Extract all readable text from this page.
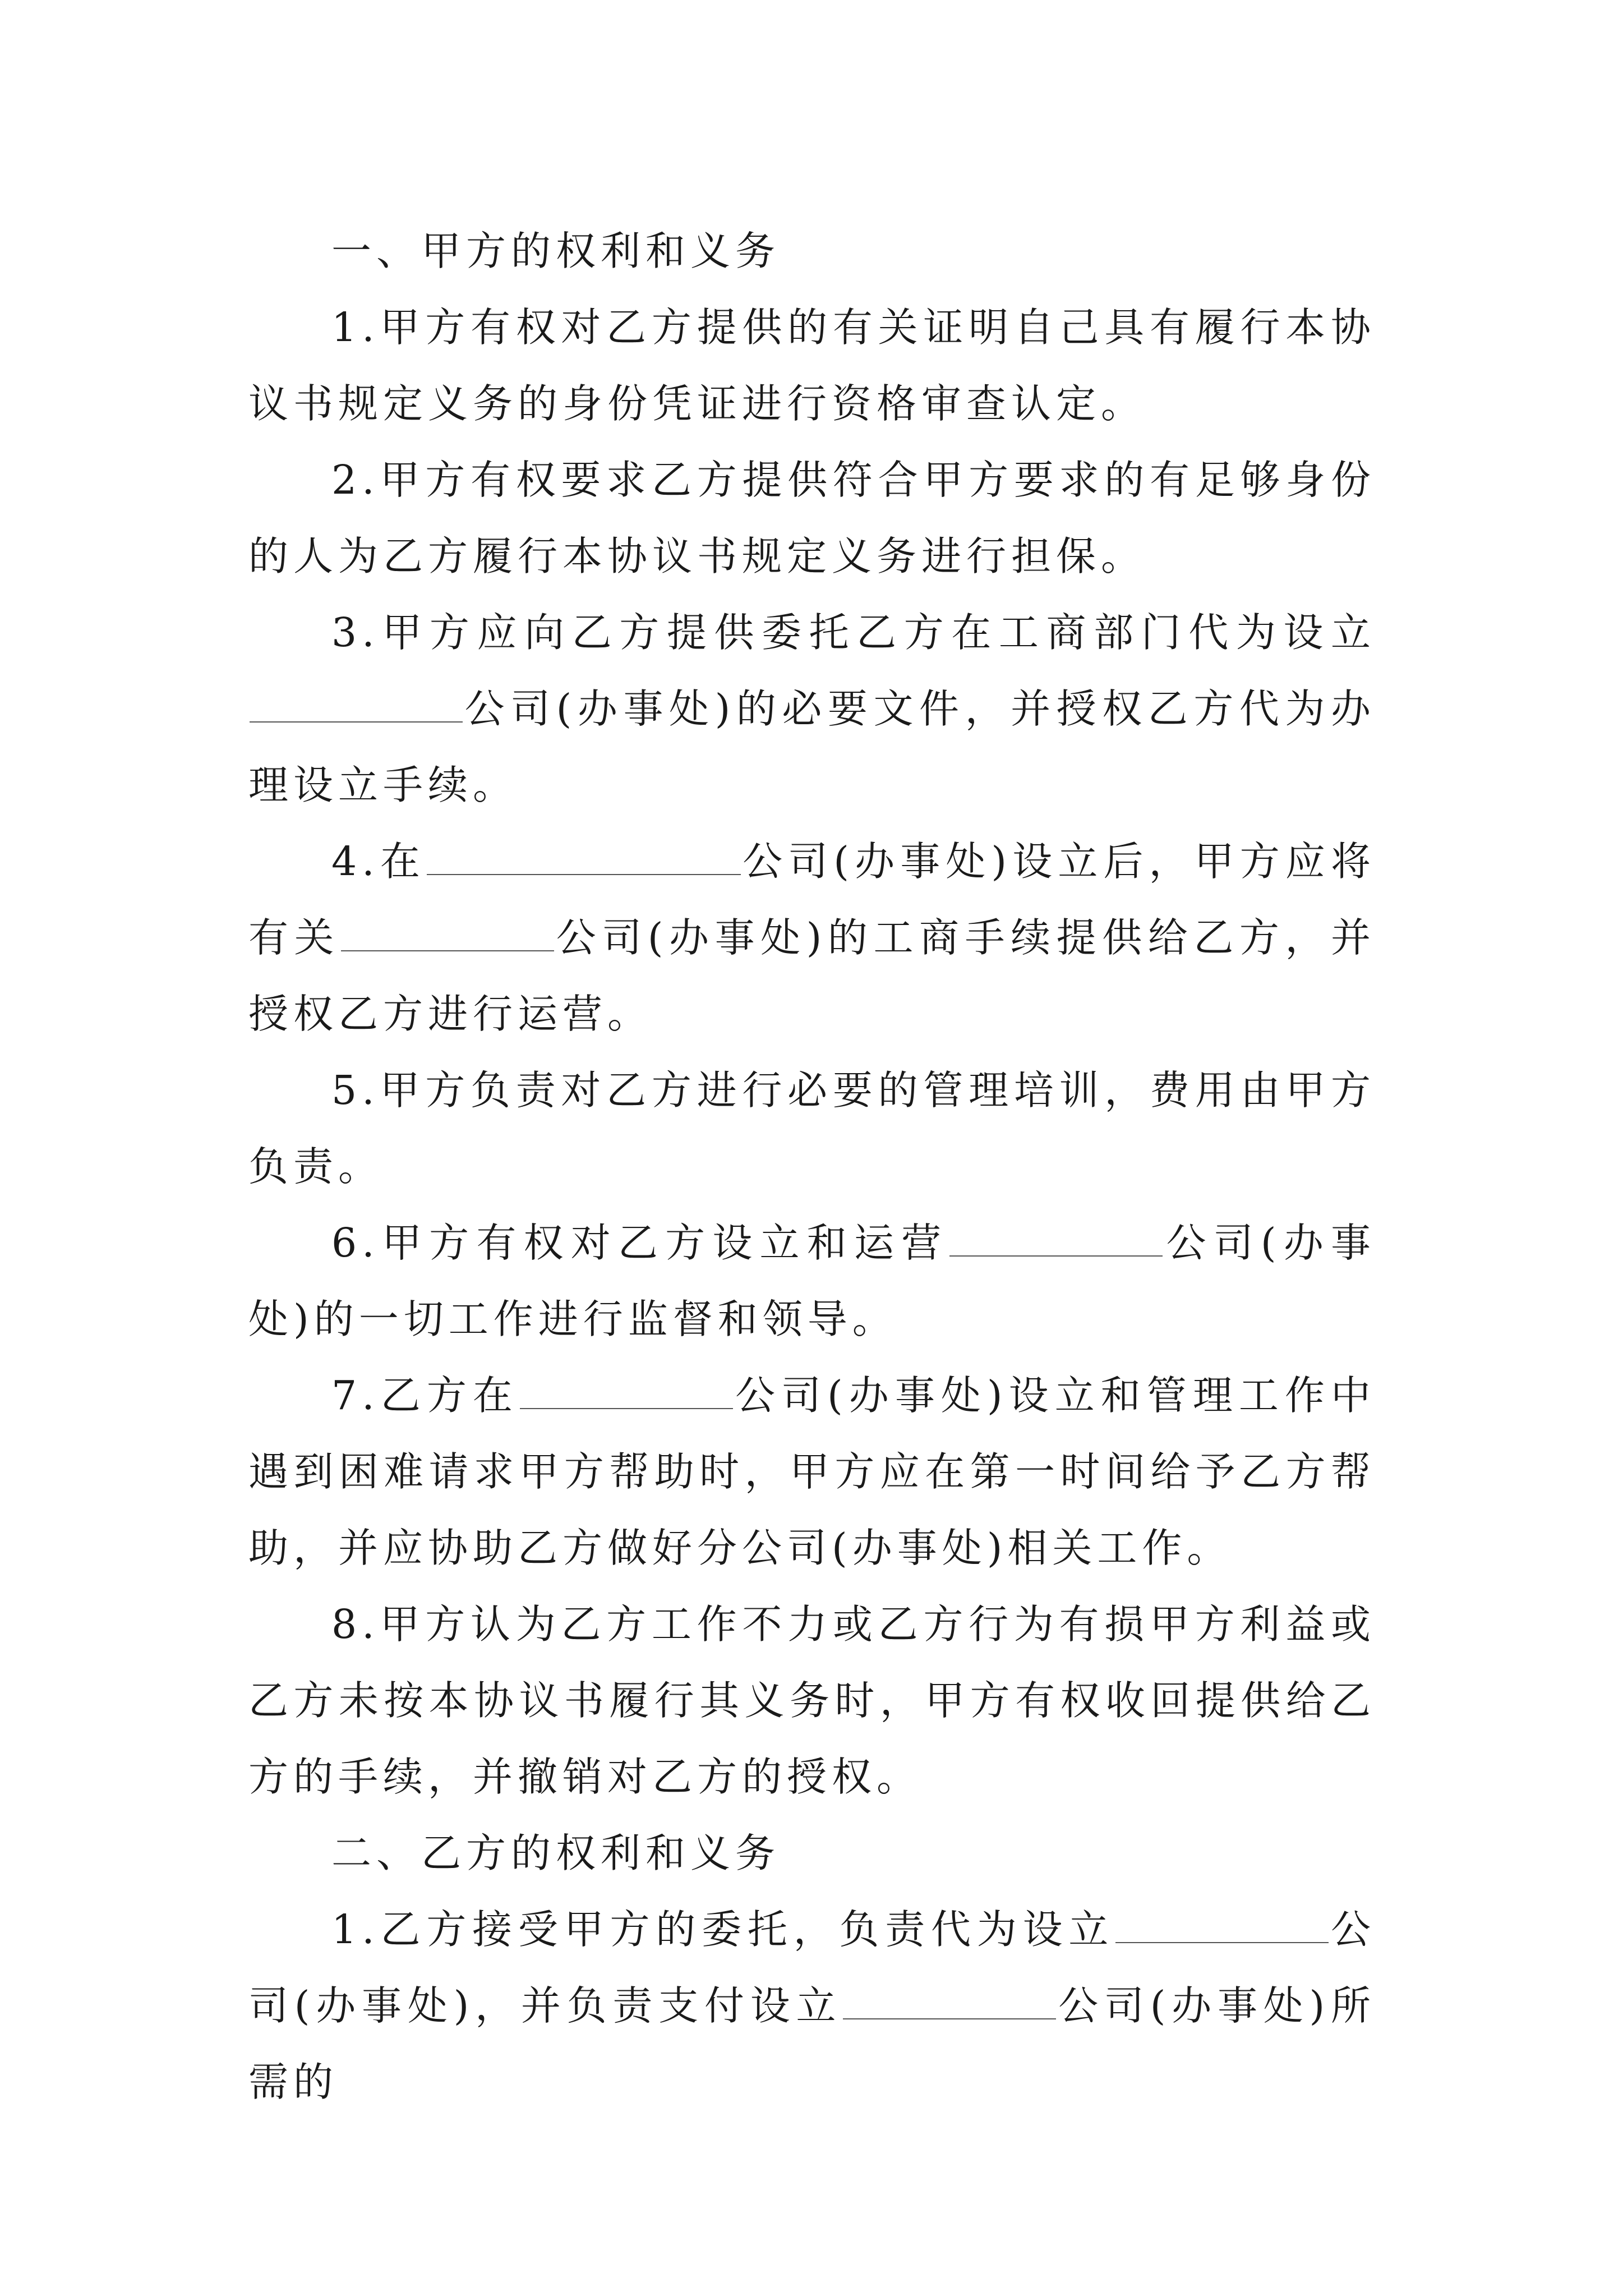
一、甲方的权利和义务

1.甲方有权对乙方提供的有关证明自己具有履行本协议书规定义务的身份凭证进行资格审查认定。

2.甲方有权要求乙方提供符合甲方要求的有足够身份的人为乙方履行本协议书规定义务进行担保。

3.甲方应向乙方提供委托乙方在工商部门代为设立公司(办事处)的必要文件，并授权乙方代为办理设立手续。

4.在	公司(办事处)设立后，甲方应将有关	公司(办事处)的工商手续提供给乙方，并授权乙方进行运营。

5.甲方负责对乙方进行必要的管理培训，费用由甲方负责。

6.甲方有权对乙方设立和运营	公司(办事处)的一切工作进行监督和领导。

7.乙方在	公司(办事处)设立和管理工作中遇到困难请求甲方帮助时，甲方应在第一时间给予乙方帮助，并应协助乙方做好分公司(办事处)相关工作。

8.甲方认为乙方工作不力或乙方行为有损甲方利益或乙方未按本协议书履行其义务时，甲方有权收回提供给乙方的手续，并撤销对乙方的授权。

二、乙方的权利和义务

1.乙方接受甲方的委托，负责代为设立	公司(办事处)，并负责支付设立	公司(办事处)所需的
